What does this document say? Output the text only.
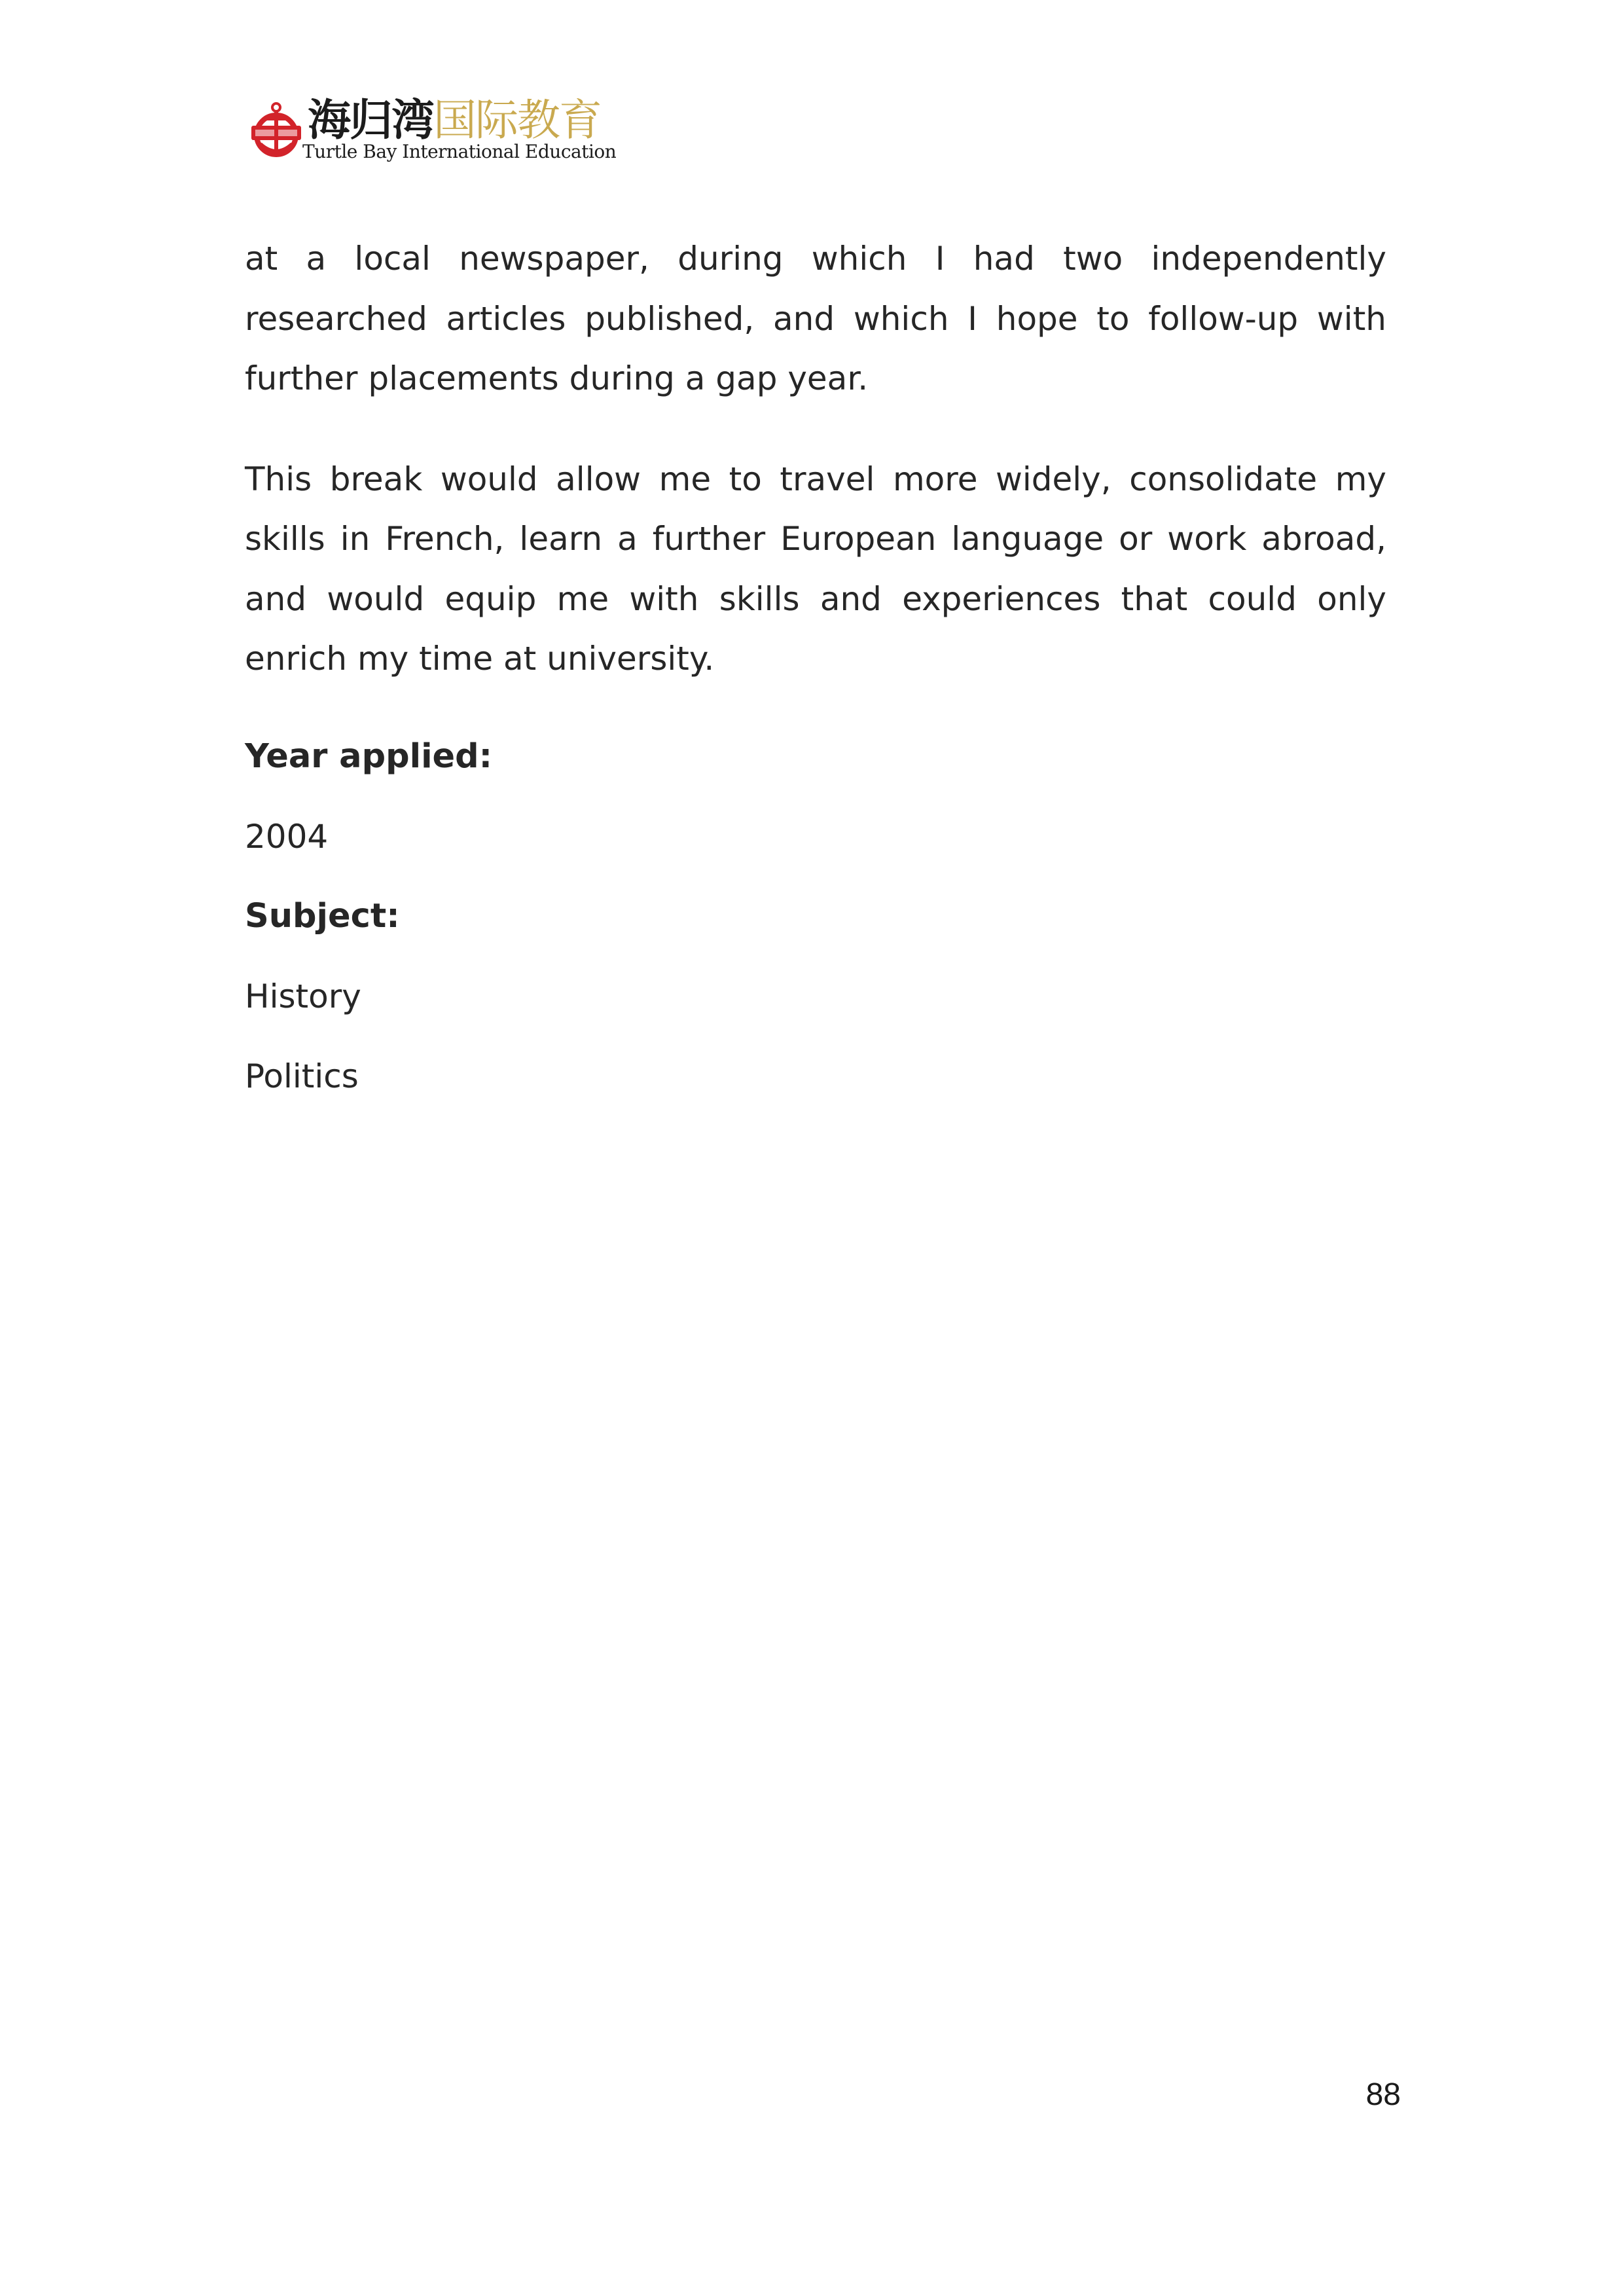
海归湾国际教育
Turtle Bay International Education

at a local newspaper, during which I had two independently researched articles published, and which I hope to follow-up with further placements during a gap year.

This break would allow me to travel more widely, consolidate my skills in French, learn a further European language or work abroad, and would equip me with skills and experiences that could only enrich my time at university.

Year applied:
2004
Subject:
History
Politics
88
